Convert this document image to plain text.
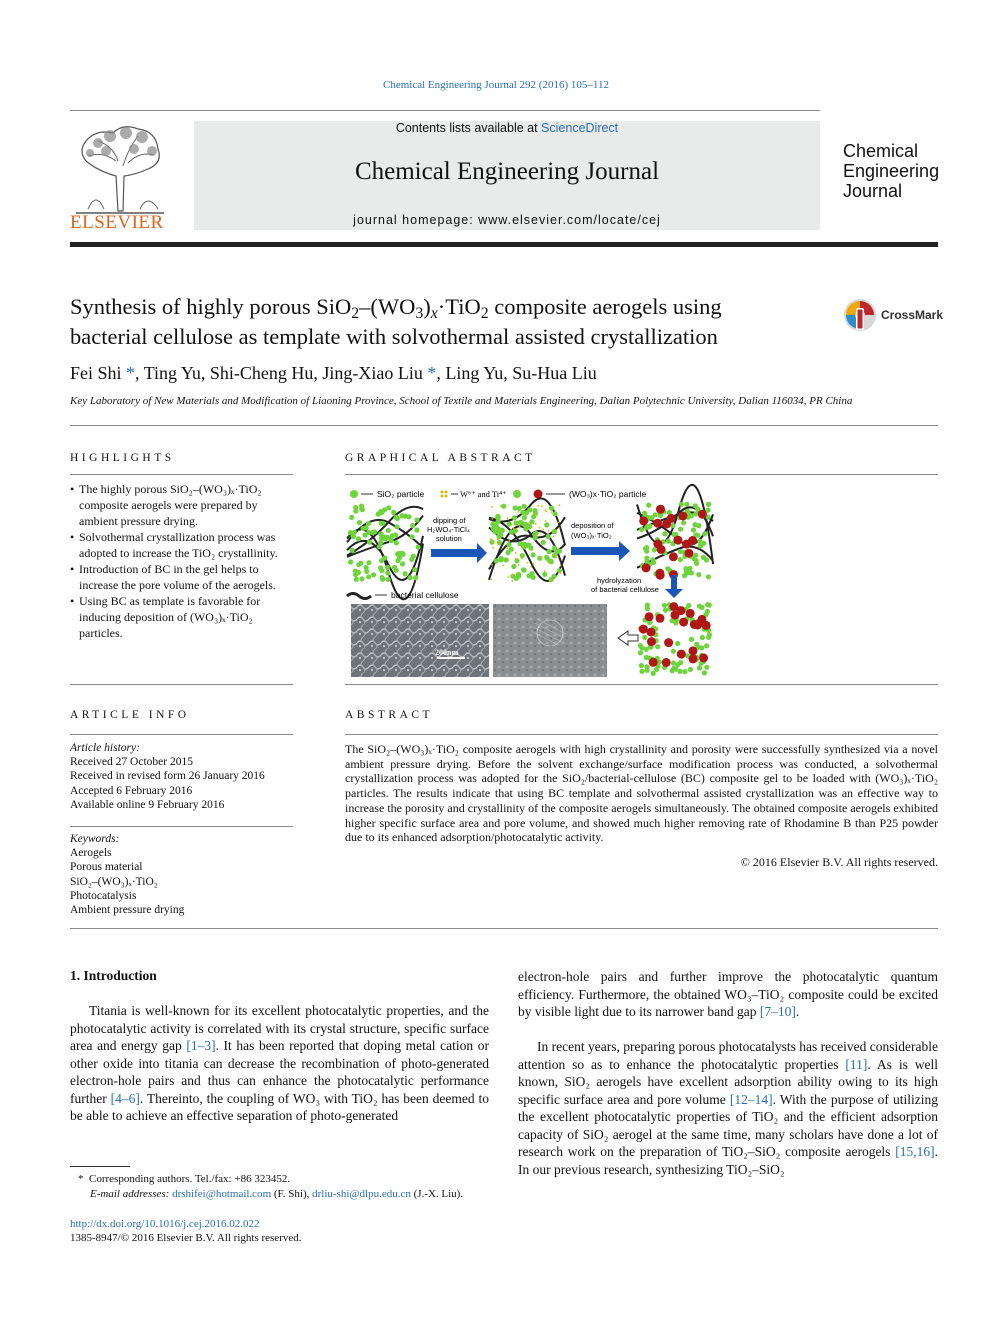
Chemical Engineering Journal 292 (2016) 105–112
ELSEVIER
Contents lists available at ScienceDirect
Chemical Engineering Journal
journal homepage: www.elsevier.com/locate/cej
Chemical
Engineering
Journal
Synthesis of highly porous $SiO_2-(WO_3)_x\cdot TiO_2$ composite aerogels using
bacterial cellulose as template with solvothermal assisted crystallization
CrossMark
Fei Shi *, Ting Yu, Shi-Cheng Hu, Jing-Xiao Liu *, Ling Yu, Su-Hua Liu
Key Laboratory of New Materials and Modification of Liaoning Province, School of Textile and Materials Engineering, Dalian Polytechnic University, Dalian 116034, PR China
HIGHLIGHTS
• The highly porous SiO₂–(WO₃)ₓ·TiO₂ composite aerogels were prepared by ambient pressure drying.
• Solvothermal crystallization process was adopted to increase the TiO₂ crystallinity.
• Introduction of BC in the gel helps to increase the pore volume of the aerogels.
• Using BC as template is favorable for inducing deposition of (WO₃)ₓ·TiO₂ particles.
GRAPHICAL ABSTRACT
SiO₂ particle	W⁶⁺ and Ti⁴⁺	(WO₃)x·TiO₂ particle
dipping of
H₂WO₄-TiCl₄
solution
deposition of
(WO₃)ₓ·TiO₂
hydrolyzation
of bacterial cellulose
bacterial cellulose
200nm
ARTICLE INFO
Article history:
Received 27 October 2015
Received in revised form 26 January 2016
Accepted 6 February 2016
Available online 9 February 2016
Keywords:
Aerogels
Porous material
SiO₂–(WO₃)ₓ·TiO₂
Photocatalysis
Ambient pressure drying
ABSTRACT
The SiO₂–(WO₃)ₓ·TiO₂ composite aerogels with high crystallinity and porosity were successfully synthesized via a novel ambient pressure drying. Before the solvent exchange/surface modification process was conducted, a solvothermal crystallization process was adopted for the SiO₂/bacterial-cellulose (BC) composite gel to be loaded with (WO₃)ₓ·TiO₂ particles. The results indicate that using BC template and solvothermal assisted crystallization was an effective way to increase the porosity and crystallinity of the composite aerogels simultaneously. The obtained composite aerogels exhibited higher specific surface area and pore volume, and showed much higher removing rate of Rhodamine B than P25 powder due to its enhanced adsorption/photocatalytic activity.
© 2016 Elsevier B.V. All rights reserved.
1. Introduction
Titania is well-known for its excellent photocatalytic properties, and the photocatalytic activity is correlated with its crystal structure, specific surface area and energy gap [1–3]. It has been reported that doping metal cation or other oxide into titania can decrease the recombination of photo-generated electron-hole pairs and thus can enhance the photocatalytic performance further [4–6]. Thereinto, the coupling of WO₃ with TiO₂ has been deemed to be able to achieve an effective separation of photo-generated
electron-hole pairs and further improve the photocatalytic quantum efficiency. Furthermore, the obtained WO₃–TiO₂ composite could be excited by visible light due to its narrower band gap [7–10].
In recent years, preparing porous photocatalysts has received considerable attention so as to enhance the photocatalytic properties [11]. As is well known, SiO₂ aerogels have excellent adsorption ability owing to its high specific surface area and pore volume [12–14]. With the purpose of utilizing the excellent photocatalytic properties of TiO₂ and the efficient adsorption capacity of SiO₂ aerogel at the same time, many scholars have done a lot of research work on the preparation of TiO₂–SiO₂ composite aerogels [15,16]. In our previous research, synthesizing TiO₂–SiO₂
*  Corresponding authors. Tel./fax: +86 323452.
E-mail addresses: drshifei@hotmail.com (F. Shi), drliu-shi@dlpu.edu.cn (J.-X. Liu).
http://dx.doi.org/10.1016/j.cej.2016.02.022
1385-8947/© 2016 Elsevier B.V. All rights reserved.
